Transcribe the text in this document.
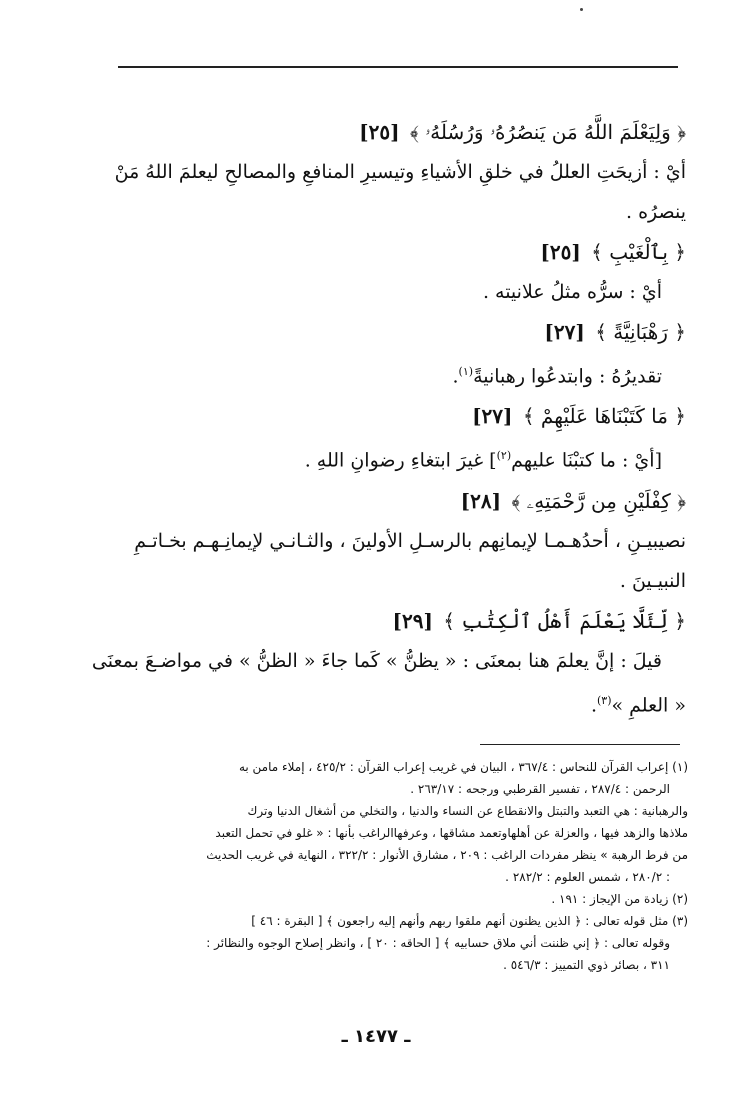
﴿ وَلِيَعْلَمَ اللَّهُ مَن يَنصُرُهُۥ وَرُسُلَهُۥ ﴾ [٢٥]
أيْ : أزيحَتِ العللُ في خلقِ الأشياءِ وتيسيرِ المنافعِ والمصالحِ ليعلمَ اللهُ مَنْ
ينصرُه .
﴿ بِٱلْغَيْبِ ﴾ [٢٥]
أيْ : سرُّه مثلُ علانيته .
﴿ رَهْبَانِيَّةً ﴾ [٢٧]
تقديرُهُ : وابتدعُوا رهبانيةً$^{(١)}$.
﴿ مَا كَتَبْنَاهَا عَلَيْهِمْ ﴾ [٢٧]
[أيْ : ما كتبْنَا عليهم$^{(٢)}$] غيرَ ابتغاءِ رضوانِ اللهِ .
﴿ كِفْلَيْنِ مِن رَّحْمَتِهِۦ ﴾ [٢٨]
نصيبيـنِ ، أحدُهـمـا لإيمانِهم بالرسـلِ الأولينَ ، والثـانـي لإيمانِـهـم بخـاتـمِ
النبيـينَ .
﴿ لِّئَلَّا يَعْلَمَ أَهْلُ ٱلْكِتَٰبِ ﴾ [٢٩]
قيلَ : إنَّ يعلمَ هنا بمعنَى : « يظنُّ » كَما جاءَ « الظنُّ » في مواضـعَ بمعنَى
« العلمِ »$^{(٣)}$.
(١) إعراب القرآن للنحاس : ٣٦٧/٤ ، البيان في غريب إعراب القرآن : ٤٢٥/٢ ، إملاء مامن به
الرحمن : ٢٨٧/٤ ، تفسير القرطبي ورجحه : ٢٦٣/١٧ .
والرهبانية : هي التعبد والتبتل والانقطاع عن النساء والدنيا ، والتخلي من أشغال الدنيا وترك
ملاذها والزهد فيها ، والعزلة عن أهلهاوتعمد مشاقها ، وعرفهاالراغب بأنها : « غلو في تحمل التعبد
من فرط الرهبة » ينظر مفردات الراغب : ٢٠٩ ، مشارق الأنوار : ٣٢٢/٢ ، النهاية في غريب الحديث
: ٢٨٠/٢ ، شمس العلوم : ٢٨٢/٢ .
(٢) زيادة من الإيجاز : ١٩١ .
(٣) مثل قوله تعالى : ﴿ الذين يظنون أنهم ملقوا ربهم وأنهم إليه راجعون ﴾ [ البقرة : ٤٦ ]
وقوله تعالى : ﴿ إني ظننت أني ملاق حسابيه ﴾ [ الحاقه : ٢٠ ] ، وانظر إصلاح الوجوه والنظائر :
٣١١ ، بصائر ذوي التمييز : ٥٤٦/٣ .
ـ ١٤٧٧ ـ
